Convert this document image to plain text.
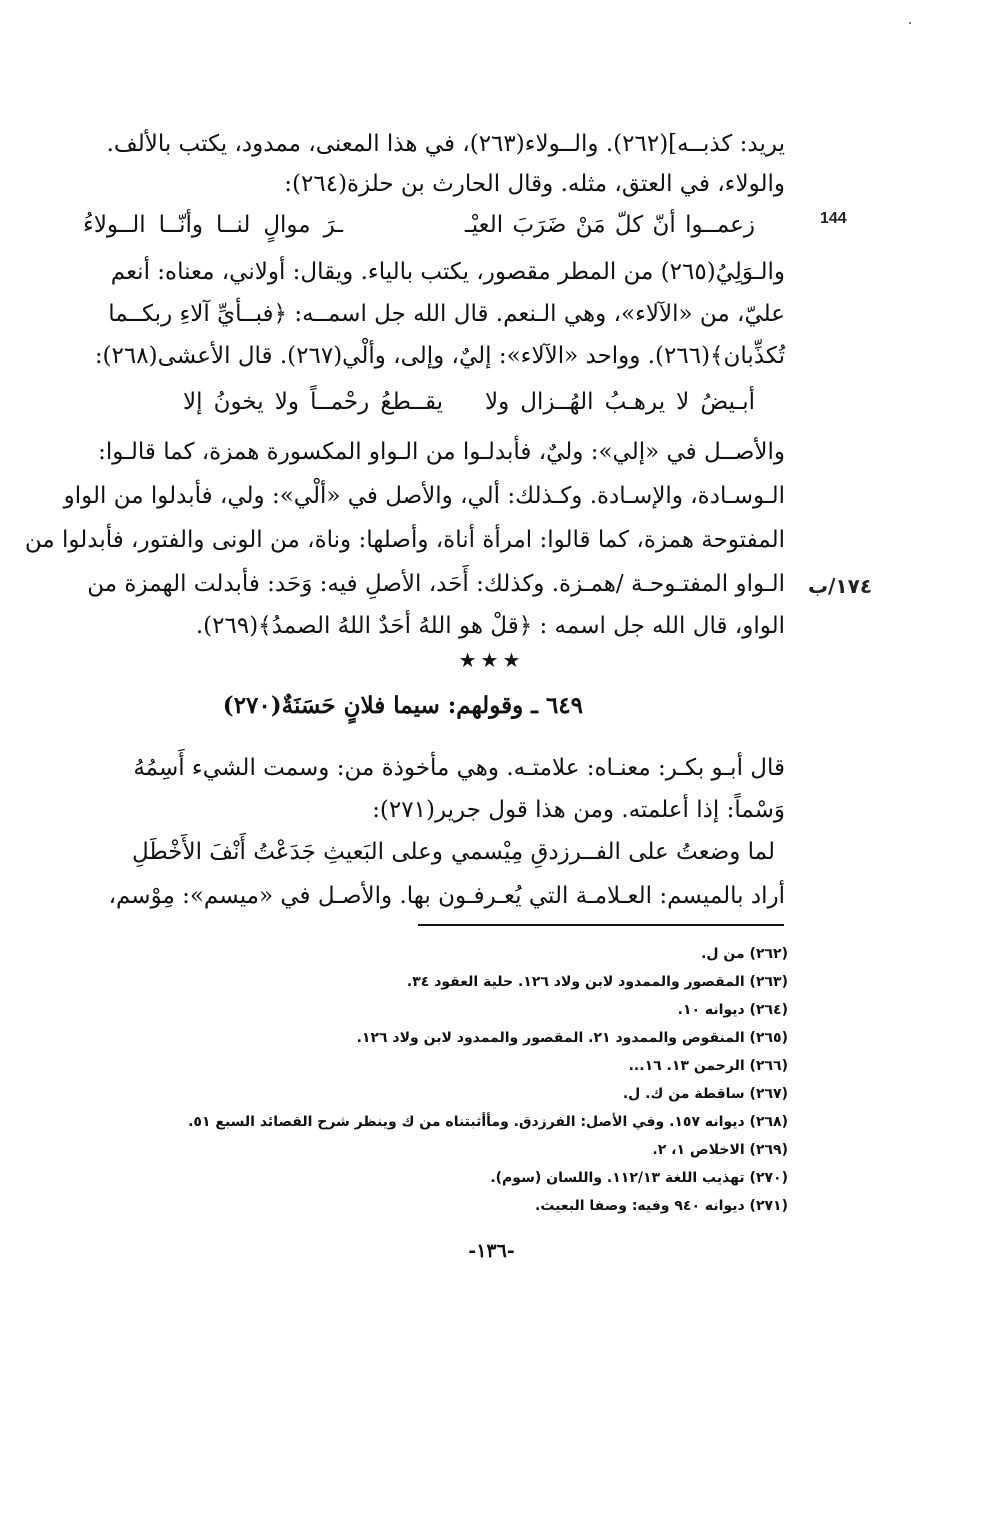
يريد: كذبــه](٢٦٢). والــولاء(٢٦٣)، في هذا المعنى، ممدود، يكتب بالألف.
والولاء، في العتق، مثله. وقال الحارث بن حلزة(٢٦٤):
144
زعمــوا أنّ كلّ مَنْ ضَرَبَ العيْـ
ـرَ موالٍ لنــا وأنّــا الــولاءُ
والـوَلِيُ(٢٦٥) من المطر مقصور، يكتب بالياء. ويقال: أولاني، معناه: أنعم
عليّ، من «الآلاء»، وهي الـنعم. قال الله جل اسمــه: ﴿فبــأيِّ آلاءِ ربكــما
تُكذِّبان﴾(٢٦٦). وواحد «الآلاء»: إليٌ، وإلى، وألْي(٢٦٧). قال الأعشى(٢٦٨):
أبـيضُ لا يرهـبُ الهُــزال ولا
يقــطعُ رحْمــاً ولا يخونُ إلا
والأصــل في «إلي»: وليٌ، فأبدلـوا من الـواو المكسورة همزة، كما قالـوا:
الـوسـادة، والإسـادة. وكـذلك: ألي، والأصل في «ألْي»: ولي، فأبدلوا من الواو
المفتوحة همزة، كما قالوا: امرأة أناة، وأصلها: وناة، من الونى والفتور، فأبدلوا من
١٧٤/ب
الـواو المفتـوحـة /همـزة. وكذلك: أَحَد، الأصلِ فيه: وَحَد: فأبدلت الهمزة من
الواو، قال الله جل اسمه : ﴿قلْ هو اللهُ أحَدٌ اللهُ الصمدُ﴾(٢٦٩).
★★★
٦٤٩ ـ وقولهم: سيما فلانٍ حَسَنَةٌ(٢٧٠)
قال أبـو بكـر: معنـاه: علامتـه. وهي مأخوذة من: وسمت الشيء أَسِمُهُ
وَسْماً: إذا أعلمته. ومن هذا قول جرير(٢٧١):
لما وضعتُ على الفــرزدقِ مِيْسمي
وعلى البَعيثِ جَدَعْتُ أَنْفَ الأَخْطَلِ
أراد بالميسم: العـلامـة التي يُعـرفـون بها. والأصـل في «ميسم»: مِوْسم،
(٢٦٢) من ل.
(٢٦٣) المقصور والممدود لابن ولاد ١٢٦. حلية العقود ٣٤.
(٢٦٤) ديوانه ١٠.
(٢٦٥) المنقوص والممدود ٢١. المقصور والممدود لابن ولاد ١٢٦.
(٢٦٦) الرحمن ١٣. ١٦...
(٢٦٧) ساقطة من ك. ل.
(٢٦٨) ديوانه ١٥٧. وفي الأصل: الفرزدق. ومأأثبتناه من ك وينظر شرح القصائد السبع ٥١.
(٢٦٩) الاخلاص ١، ٢.
(٢٧٠) تهذيب اللغة ١١٢/١٣. واللسان (سوم).
(٢٧١) ديوانه ٩٤٠ وفيه: وصفا البعيث.
-١٣٦-
